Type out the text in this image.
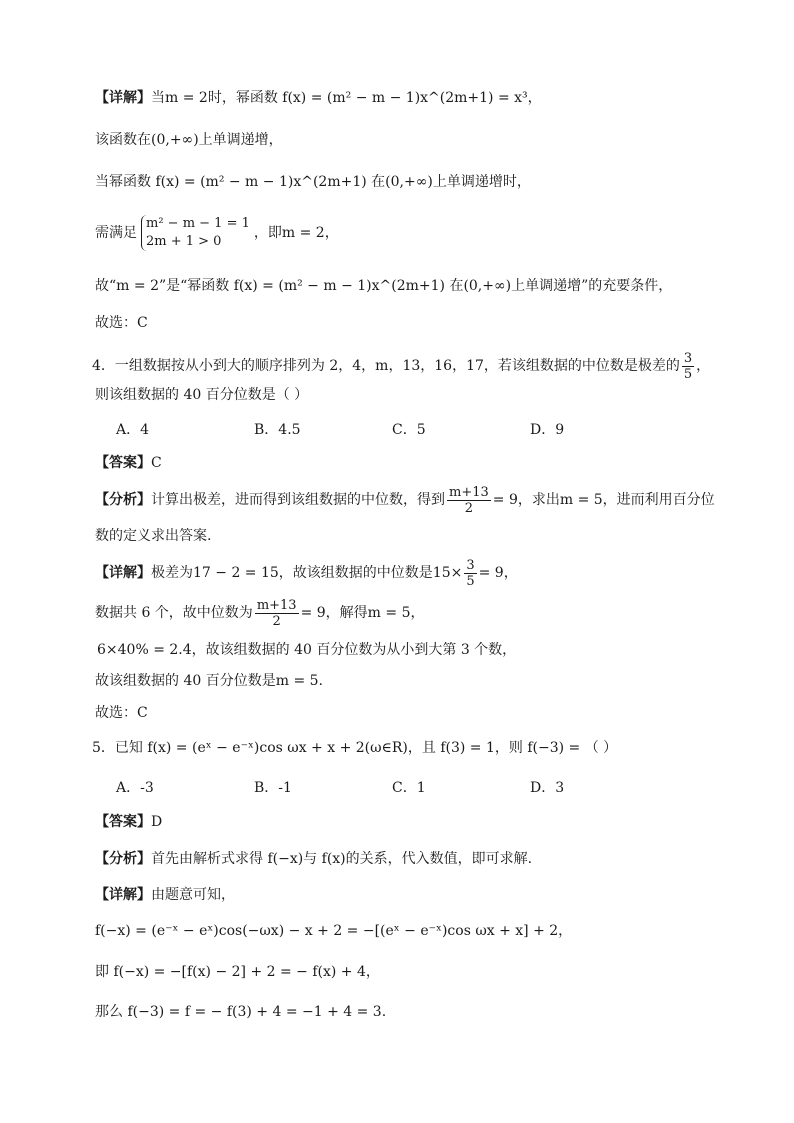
【详解】当m = 2时，幂函数 f(x) = (m² − m − 1)x^(2m+1) = x³，
该函数在(0,+∞)上单调递增，
当幂函数 f(x) = (m² − m − 1)x^(2m+1) 在(0,+∞)上单调递增时，
需满足
m² − m − 1 = 1
2m + 1 > 0
，即m = 2，
故“m = 2”是“幂函数 f(x) = (m² − m − 1)x^(2m+1) 在(0,+∞)上单调递增”的充要条件，
故选：C
4．一组数据按从小到大的顺序排列为 2，4，m，13，16，17，若该组数据的中位数是极差的 $\frac{3}{5}$ ，
则该组数据的 40 百分位数是（ ）
A．4	B．4.5	C．5	D．9
【答案】C
【分析】计算出极差，进而得到该组数据的中位数，得到 $\frac{m+13}{2} = 9$，求出m = 5，进而利用百分位
数的定义求出答案.
【详解】极差为17 − 2 = 15，故该组数据的中位数是$15\times \frac{3}{5} = 9$，
数据共 6 个，故中位数为 $\frac{m+13}{2} = 9$，解得m = 5，
6×40% = 2.4，故该组数据的 40 百分位数为从小到大第 3 个数，
故该组数据的 40 百分位数是m = 5.
故选：C
5．已知 f(x) = (eˣ − e⁻ˣ)cos ωx + x + 2(ω∈R)，且 f(3) = 1，则 f(−3) = （ ）
A．-3	B．-1	C．1	D．3
【答案】D
【分析】首先由解析式求得 f(−x)与 f(x)的关系，代入数值，即可求解.
【详解】由题意可知，
f(−x) = (e⁻ˣ − eˣ)cos(−ωx) − x + 2 = −[(eˣ − e⁻ˣ)cos ωx + x] + 2，
即 f(−x) = −[f(x) − 2] + 2 = − f(x) + 4，
那么 f(−3) = f = − f(3) + 4 = −1 + 4 = 3.
